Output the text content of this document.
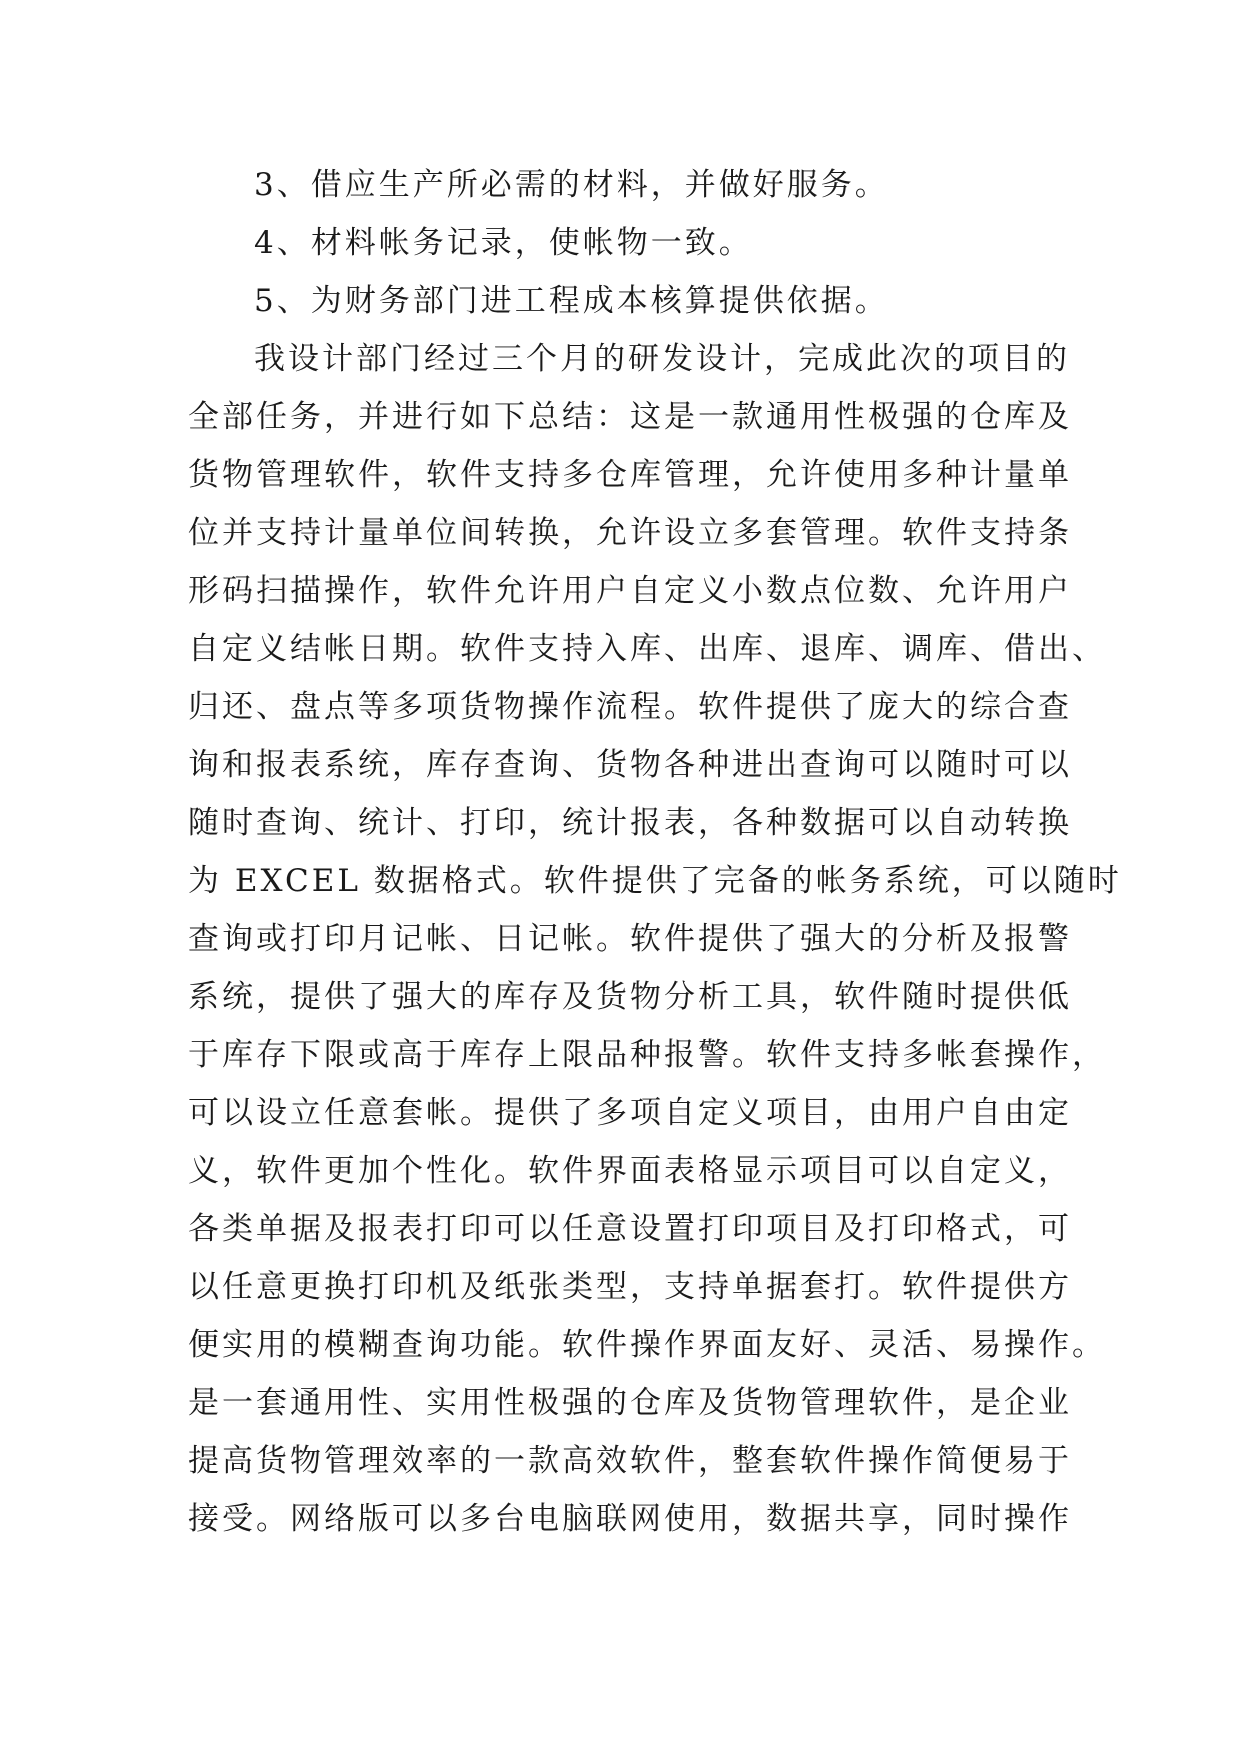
3、借应生产所必需的材料，并做好服务。
4、材料帐务记录，使帐物一致。
5、为财务部门进工程成本核算提供依据。
我设计部门经过三个月的研发设计，完成此次的项目的
全部任务，并进行如下总结：这是一款通用性极强的仓库及
货物管理软件，软件支持多仓库管理，允许使用多种计量单
位并支持计量单位间转换，允许设立多套管理。软件支持条
形码扫描操作，软件允许用户自定义小数点位数、允许用户
自定义结帐日期。软件支持入库、出库、退库、调库、借出、
归还、盘点等多项货物操作流程。软件提供了庞大的综合查
询和报表系统，库存查询、货物各种进出查询可以随时可以
随时查询、统计、打印，统计报表，各种数据可以自动转换
为 EXCEL 数据格式。软件提供了完备的帐务系统，可以随时
查询或打印月记帐、日记帐。软件提供了强大的分析及报警
系统，提供了强大的库存及货物分析工具，软件随时提供低
于库存下限或高于库存上限品种报警。软件支持多帐套操作，
可以设立任意套帐。提供了多项自定义项目，由用户自由定
义，软件更加个性化。软件界面表格显示项目可以自定义，
各类单据及报表打印可以任意设置打印项目及打印格式，可
以任意更换打印机及纸张类型，支持单据套打。软件提供方
便实用的模糊查询功能。软件操作界面友好、灵活、易操作。
是一套通用性、实用性极强的仓库及货物管理软件，是企业
提高货物管理效率的一款高效软件，整套软件操作简便易于
接受。网络版可以多台电脑联网使用，数据共享，同时操作
